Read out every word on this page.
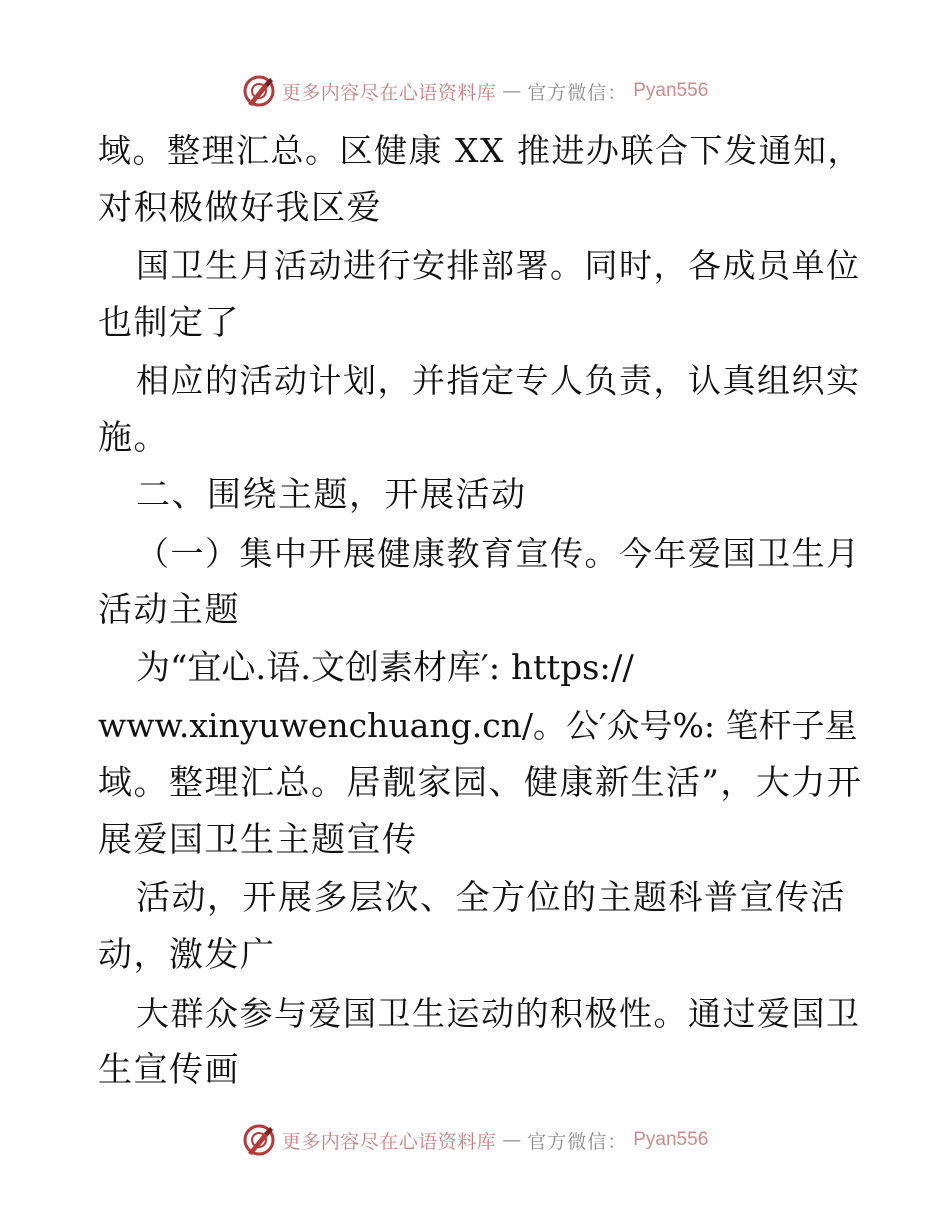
更多内容尽在心语资料库 — 官方微信： Pyan556
域。整理汇总。区健康 XX 推进办联合下发通知，
对积极做好我区爱
国卫生月活动进行安排部署。同时，各成员单位
也制定了
相应的活动计划，并指定专人负责，认真组织实
施。
二、围绕主题，开展活动
（一）集中开展健康教育宣传。今年爱国卫生月
活动主题
为“宜心.语.文创素材库′: https://
www.xinyuwenchuang.cn/。公′众号%: 笔杆子星
域。整理汇总。居靓家园、健康新生活”，大力开
展爱国卫生主题宣传
活动，开展多层次、全方位的主题科普宣传活
动，激发广
大群众参与爱国卫生运动的积极性。通过爱国卫
生宣传画
更多内容尽在心语资料库 — 官方微信： Pyan556
